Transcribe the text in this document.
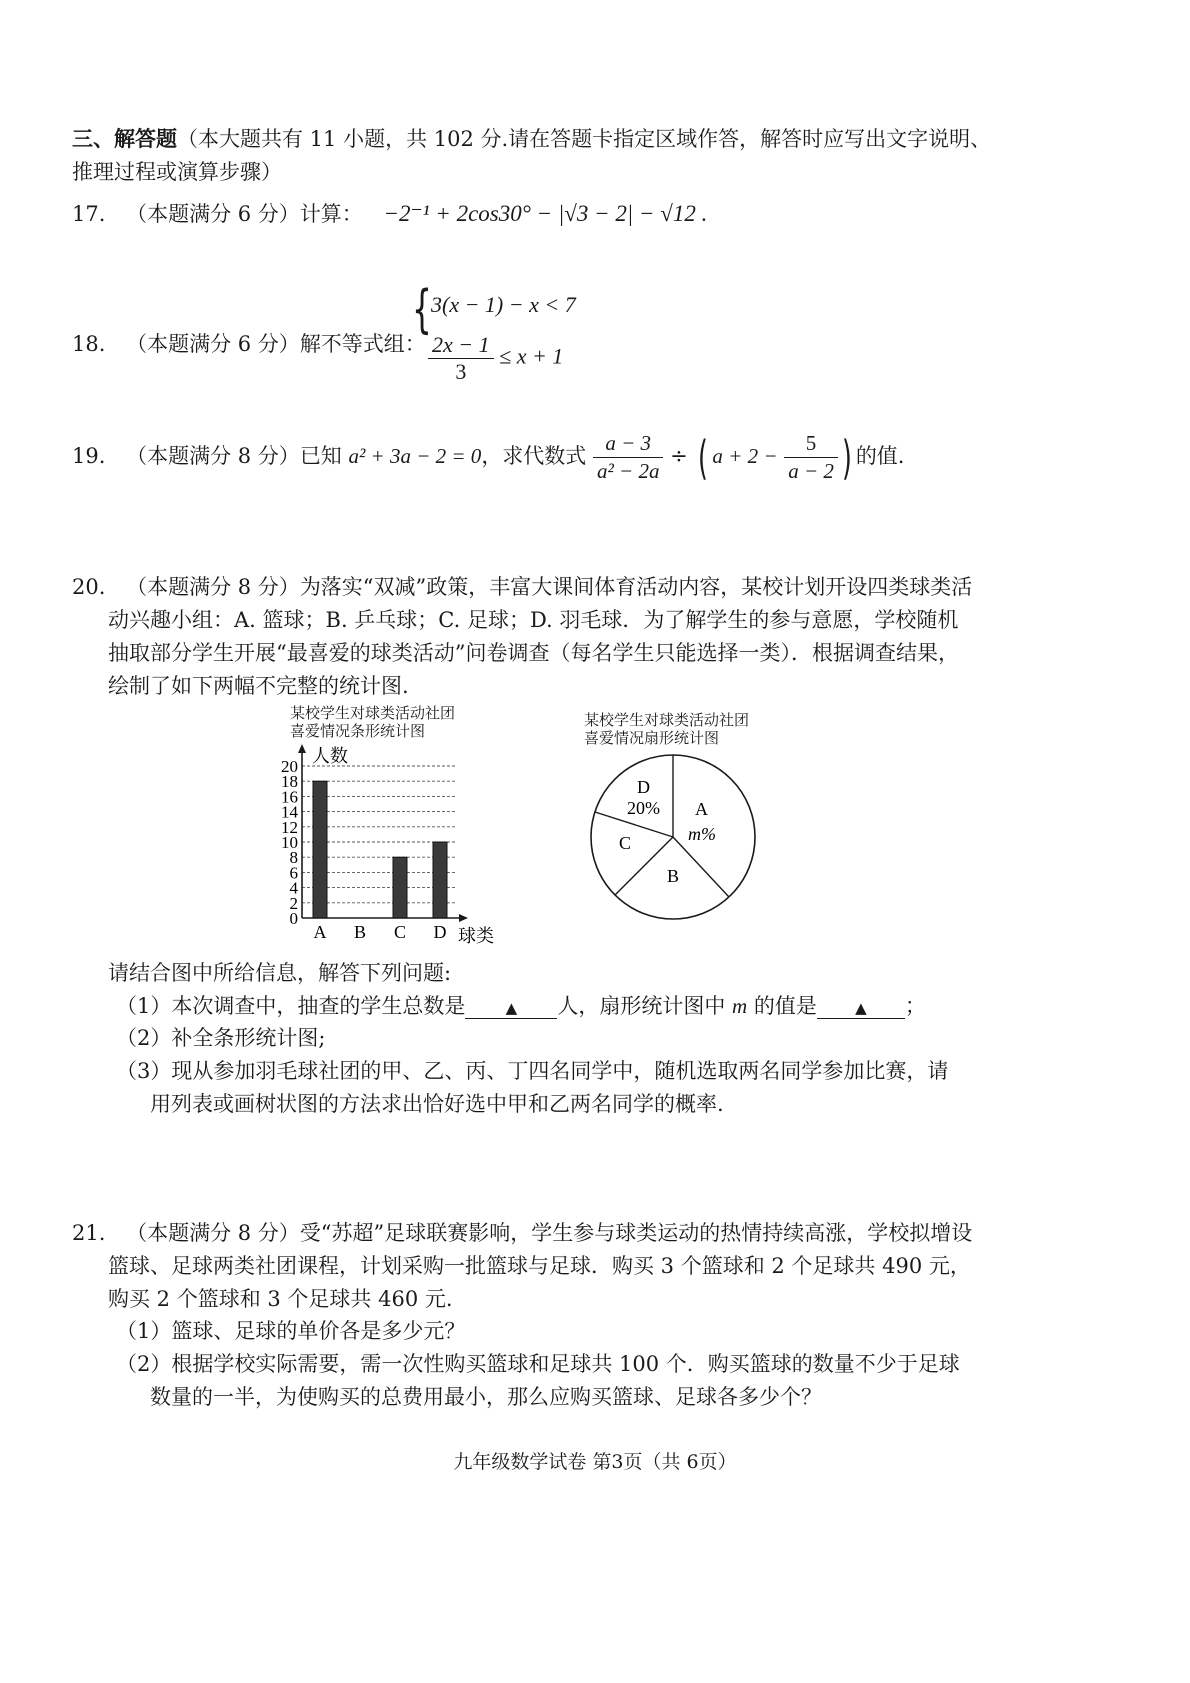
三、解答题（本大题共有 11 小题，共 102 分.请在答题卡指定区域作答，解答时应写出文字说明、
推理过程或演算步骤）
17. （本题满分 6 分）计算： −2⁻¹ + 2cos30° − |√3 − 2| − √12 .
18. （本题满分 6 分）解不等式组：
{ 3(x − 1) − x < 7
$\frac{2x - 1}{3} \le x + 1$
19. （本题满分 8 分）已知 a² + 3a − 2 = 0，求代数式 $\frac{a - 3}{\text{a² − 2a}}$ ÷ ( $a + 2 - \frac{5}{a - 2}$ ) 的值.
20. （本题满分 8 分）为落实“双减”政策，丰富大课间体育活动内容，某校计划开设四类球类活
动兴趣小组：A. 篮球；B. 乒乓球；C. 足球；D. 羽毛球．为了解学生的参与意愿，学校随机
抽取部分学生开展“最喜爱的球类活动”问卷调查（每名学生只能选择一类）．根据调查结果，
绘制了如下两幅不完整的统计图.
某校学生对球类活动社团
喜爱情况条形统计图
0
2
4
6
8
10
12
14
16
18
20
A B C D
人数
球类
某校学生对球类活动社团
喜爱情况扇形统计图
D
20% A
m%
C
B
请结合图中所给信息，解答下列问题:
（1）本次调查中，抽查的学生总数是	▲ 人，扇形统计图中 m 的值是	▲ ；
（2）补全条形统计图;
（3）现从参加羽毛球社团的甲、乙、丙、丁四名同学中，随机选取两名同学参加比赛，请
用列表或画树状图的方法求出恰好选中甲和乙两名同学的概率.
21. （本题满分 8 分）受“苏超”足球联赛影响，学生参与球类运动的热情持续高涨，学校拟增设
篮球、足球两类社团课程，计划采购一批篮球与足球．购买 3 个篮球和 2 个足球共 490 元，
购买 2 个篮球和 3 个足球共 460 元.
（1）篮球、足球的单价各是多少元？
（2）根据学校实际需要，需一次性购买篮球和足球共 100 个．购买篮球的数量不少于足球
数量的一半，为使购买的总费用最小，那么应购买篮球、足球各多少个？
九年级数学试卷 第3页（共 6页）
